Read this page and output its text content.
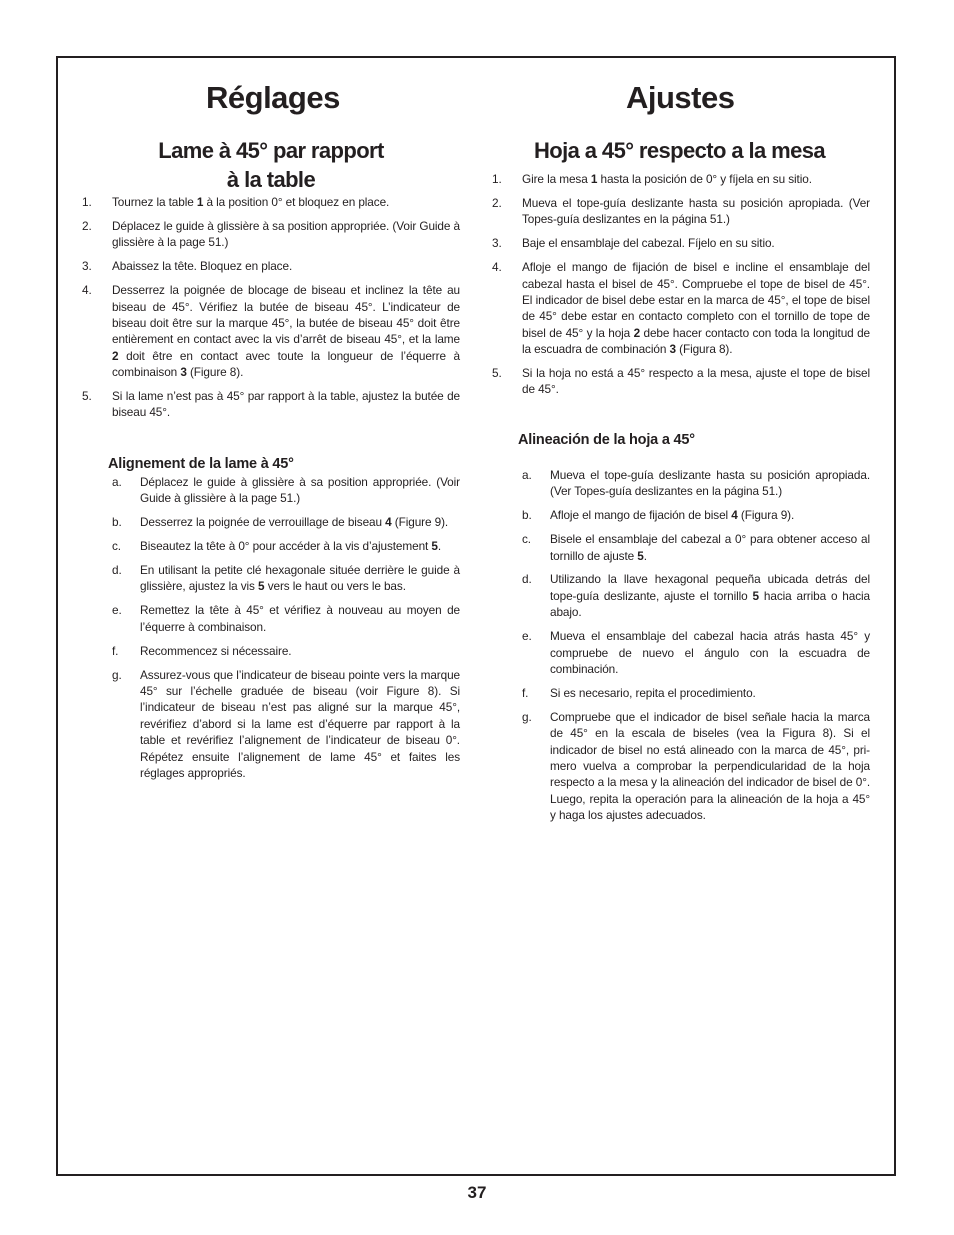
Réglages
Lame à 45° par rapport
à la table
1.	Tournez la table 1 à la position 0° et bloquez en place.
2.	Déplacez le guide à glissière à sa position appropriée. (Voir Guide à glissière à la page 51.)
3.	Abaissez la tête. Bloquez en place.
4.	Desserrez la poignée de blocage de biseau et inclinez la tête au biseau de 45°. Vérifiez la butée de biseau 45°. L’indicateur de biseau doit être sur la marque 45°, la butée de biseau 45° doit être entièrement en contact avec la vis d’arrêt de biseau 45°, et la lame 2 doit être en contact avec toute la longueur de l’équerre à combinaison 3 (Figure 8).
5.	Si la lame n’est pas à 45° par rapport à la table, ajustez la butée de biseau 45°.
Alignement de la lame à 45°
a.	Déplacez le guide à glissière à sa position appropriée. (Voir Guide à glissière à la page 51.)
b.	Desserrez la poignée de verrouillage de biseau 4 (Figure 9).
c.	Biseautez la tête à 0° pour accéder à la vis d’ajustement 5.
d.	En utilisant la petite clé hexagonale située derrière le guide à glissière, ajustez la vis 5 vers le haut ou vers le bas.
e.	Remettez la tête à 45° et vérifiez à nouveau au moyen de l’équerre à combinaison.
f.	Recommencez si nécessaire.
g.	Assurez-vous que l’indicateur de biseau pointe vers la marque 45° sur l’échelle graduée de biseau (voir Figure 8). Si l’indicateur de biseau n’est pas aligné sur la marque 45°, revérifiez d’abord si la lame est d’équerre par rapport à la table et revérifiez l’alignement de l’indicateur de biseau 0°. Répétez ensuite l’alignement de lame 45° et faites les réglages appropriés.
Ajustes
Hoja a 45° respecto a la mesa
1.	Gire la mesa 1 hasta la posición de 0° y fíjela en su sitio.
2.	Mueva el tope-guía deslizante hasta su posición apropiada. (Ver Topes-guía deslizantes en la página 51.)
3.	Baje el ensamblaje del cabezal. Fíjelo en su sitio.
4.	Afloje el mango de fijación de bisel e incline el ensamblaje del cabezal hasta el bisel de 45°. Compruebe el tope de bisel de 45°. El indicador de bisel debe estar en la marca de 45°, el tope de bisel de 45° debe estar en contacto completo con el tornillo de tope de bisel de 45° y la hoja 2 debe hacer contacto con toda la longitud de la escuadra de combinación 3 (Figura 8).
5.	Si la hoja no está a 45° respecto a la mesa, ajuste el tope de bisel de 45°.
Alineación de la hoja a 45°
a.	Mueva el tope-guía deslizante hasta su posición apropiada. (Ver Topes-guía deslizantes en la página 51.)
b.	Afloje el mango de fijación de bisel 4 (Figura 9).
c.	Bisele el ensamblaje del cabezal a 0° para obtener acceso al tornillo de ajuste 5.
d.	Utilizando la llave hexagonal pequeña ubicada detrás del tope-guía deslizante, ajuste el tornillo 5 hacia arriba o hacia abajo.
e.	Mueva el ensamblaje del cabezal hacia atrás hasta 45° y compruebe de nuevo el ángulo con la escuadra de combinación.
f.	Si es necesario, repita el procedimiento.
g.	Compruebe que el indicador de bisel señale hacia la marca de 45° en la escala de biseles (vea la Figura 8). Si el indicador de bisel no está alineado con la marca de 45°, pri-mero vuelva a comprobar la perpendicularidad de la hoja respecto a la mesa y la alineación del indicador de bisel de 0°. Luego, repita la operación para la alineación de la hoja a 45° y haga los ajustes adecuados.
37
